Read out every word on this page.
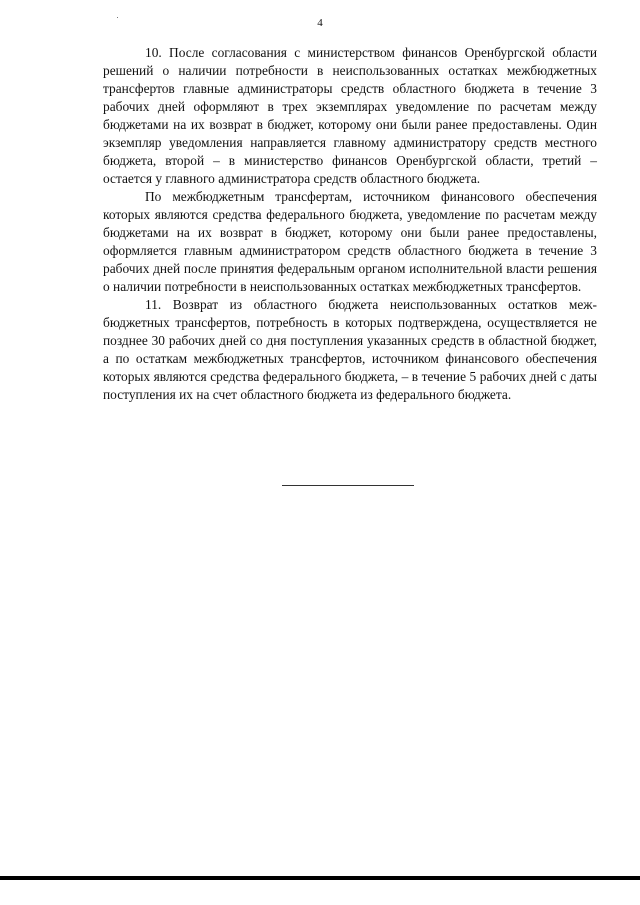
4

10. После согласования с министерством финансов Оренбургской области решений о наличии потребности в неиспользованных остатках межбюджетных трансфертов главные администраторы средств областного бюджета в течение 3 рабочих дней оформляют в трех экземплярах уведомление по расчетам между бюджетами на их возврат в бюджет, которому они были ранее предоставлены. Один экземпляр уведомления направляется главному администратору средств местного бюджета, второй – в министерство финансов Оренбургской области, третий – остается у главного администратора средств областного бюджета.

По межбюджетным трансфертам, источником финансового обеспечения которых являются средства федерального бюджета, уведомление по расчетам между бюджетами на их возврат в бюджет, которому они были ранее предоставлены, оформляется главным администратором средств областного бюджета в течение 3 рабочих дней после принятия федеральным органом исполнительной власти решения о наличии потребности в неиспользованных остатках межбюджетных трансфертов.

11. Возврат из областного бюджета неиспользованных остатков межбюджетных трансфертов, потребность в которых подтверждена, осуществляется не позднее 30 рабочих дней со дня поступления указанных средств в областной бюджет, а по остаткам межбюджетных трансфертов, источником финансового обеспечения которых являются средства федерального бюджета, – в течение 5 рабочих дней с даты поступления их на счет областного бюджета из федерального бюджета.
